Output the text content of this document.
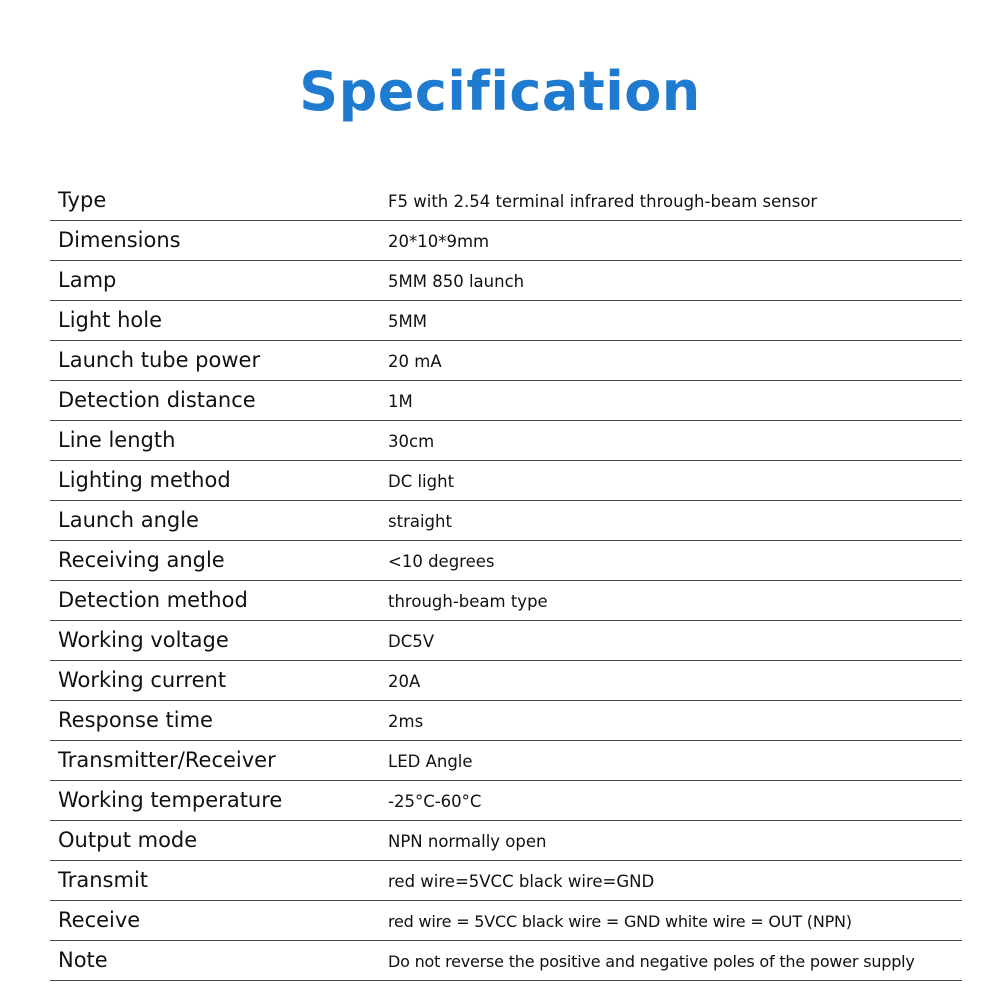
Specification
Type	F5 with 2.54 terminal infrared through-beam sensor
Dimensions	20*10*9mm
Lamp	5MM 850 launch
Light hole	5MM
Launch tube power	20 mA
Detection distance	1M
Line length	30cm
Lighting method	DC light
Launch angle	straight
Receiving angle	<10 degrees
Detection method	through-beam type
Working voltage	DC5V
Working current	20A
Response time	2ms
Transmitter/Receiver	LED Angle
Working temperature	-25°C-60°C
Output mode	NPN normally open
Transmit	red wire=5VCC black wire=GND
Receive	red wire = 5VCC black wire = GND white wire = OUT (NPN)
Note	Do not reverse the positive and negative poles of the power supply
